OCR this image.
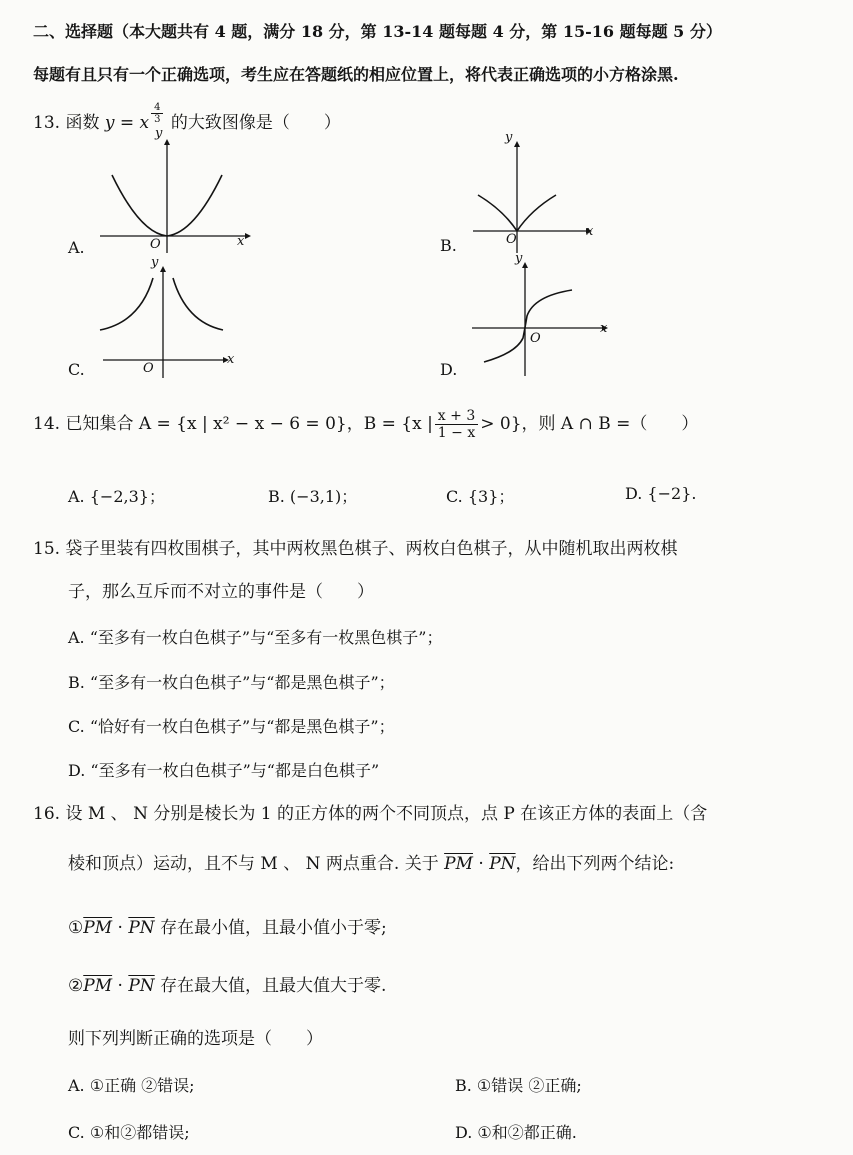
二、选择题（本大题共有 4 题，满分 18 分，第 13-14 题每题 4 分，第 15-16 题每题 5 分）
每题有且只有一个正确选项，考生应在答题纸的相应位置上，将代表正确选项的小方格涂黑.
13. 函数 y = x $\frac{4}{3}$ 的大致图像是（　　）
A.	B.
C.	D.
y
x
O
y
x
O
y
x
O
y
x
O
14. 已知集合 A = {x | x² − x − 6 = 0}，B = {x | $\frac{x + 3}{1 - x} > 0$}，则 A ∩ B =（　　）
A. {−2,3}；	B. (−3,1)；	C. {3}；	D. {−2}.
15. 袋子里装有四枚围棋子，其中两枚黑色棋子、两枚白色棋子，从中随机取出两枚棋
子，那么互斥而不对立的事件是（　　）
A. “至多有一枚白色棋子”与“至多有一枚黑色棋子”；
B. “至多有一枚白色棋子”与“都是黑色棋子”；
C. “恰好有一枚白色棋子”与“都是黑色棋子”；
D. “至多有一枚白色棋子”与“都是白色棋子”
16. 设 M 、 N 分别是棱长为 1 的正方体的两个不同顶点，点 P 在该正方体的表面上（含
棱和顶点）运动，且不与 M 、 N 两点重合. 关于 $\overline{PM} \cdot \overline{PN}$，给出下列两个结论:
$①\overline{PM} \cdot \overline{PN}$ 存在最小值，且最小值小于零;
$②\overline{PM} \cdot \overline{PN}$ 存在最大值，且最大值大于零.
则下列判断正确的选项是（　　）
A. ①正确 ②错误;	B. ①错误 ②正确;
C. ①和②都错误;	D. ①和②都正确.
